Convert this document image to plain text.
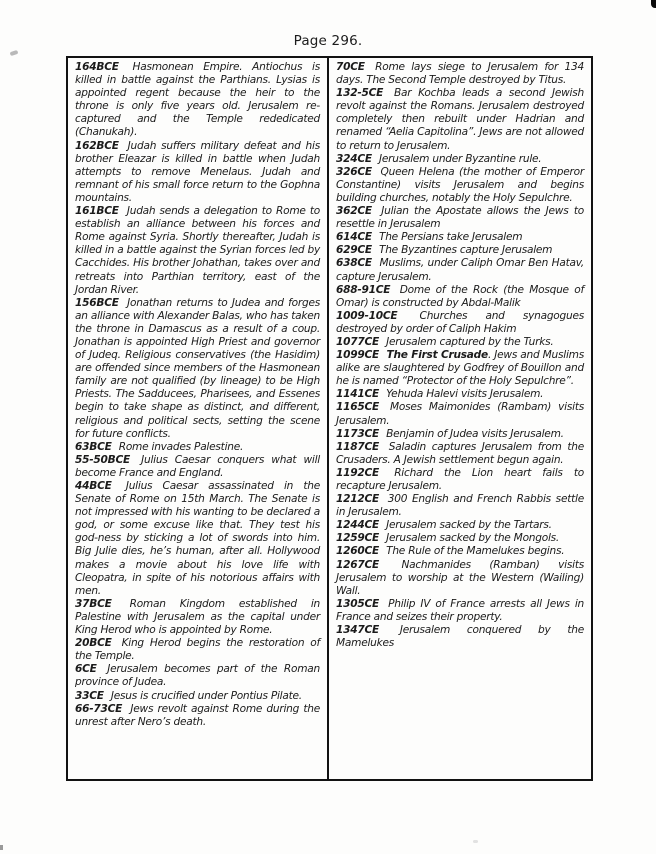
Page 296.

164BCE Hasmonean Empire. Antiochus is killed in battle against the Parthians. Lysias is appointed regent because the heir to the throne is only five years old. Jerusalem re-captured and the Temple rededicated (Chanukah).

162BCE Judah suffers military defeat and his brother Eleazar is killed in battle when Judah attempts to remove Menelaus. Judah and remnant of his small force return to the Gophna mountains.

161BCE Judah sends a delegation to Rome to establish an alliance between his forces and Rome against Syria. Shortly thereafter, Judah is killed in a battle against the Syrian forces led by Cacchides. His brother Johathan, takes over and retreats into Parthian territory, east of the Jordan River.

156BCE Jonathan returns to Judea and forges an alliance with Alexander Balas, who has taken the throne in Damascus as a result of a coup. Jonathan is appointed High Priest and governor of Judeq. Religious conservatives (the Hasidim) are offended since members of the Hasmonean family are not qualified (by lineage) to be High Priests. The Sadducees, Pharisees, and Essenes begin to take shape as distinct, and different, religious and political sects, setting the scene for future conflicts.

63BCE Rome invades Palestine.

55-50BCE Julius Caesar conquers what will become France and England.

44BCE Julius Caesar assassinated in the Senate of Rome on 15th March. The Senate is not impressed with his wanting to be declared a god, or some excuse like that. They test his god-ness by sticking a lot of swords into him. Big Julie dies, he’s human, after all. Hollywood makes a movie about his love life with Cleopatra, in spite of his notorious affairs with men.

37BCE Roman Kingdom established in Palestine with Jerusalem as the capital under King Herod who is appointed by Rome.

20BCE King Herod begins the restoration of the Temple.

6CE Jerusalem becomes part of the Roman province of Judea.

33CE Jesus is crucified under Pontius Pilate.

66-73CE Jews revolt against Rome during the unrest after Nero’s death.

70CE Rome lays siege to Jerusalem for 134 days. The Second Temple destroyed by Titus.

132-5CE Bar Kochba leads a second Jewish revolt against the Romans. Jerusalem destroyed completely then rebuilt under Hadrian and renamed “Aelia Capitolina”. Jews are not allowed to return to Jerusalem.

324CE Jerusalem under Byzantine rule.

326CE Queen Helena (the mother of Emperor Constantine) visits Jerusalem and begins building churches, notably the Holy Sepulchre.

362CE Julian the Apostate allows the Jews to resettle in Jerusalem

614CE The Persians take Jerusalem

629CE The Byzantines capture Jerusalem

638CE Muslims, under Caliph Omar Ben Hatav, capture Jerusalem.

688-91CE Dome of the Rock (the Mosque of Omar) is constructed by Abdal-Malik

1009-10CE Churches and synagogues destroyed by order of Caliph Hakim

1077CE Jerusalem captured by the Turks.

1099CE The First Crusade. Jews and Muslims alike are slaughtered by Godfrey of Bouillon and he is named “Protector of the Holy Sepulchre”.

1141CE Yehuda Halevi visits Jerusalem.

1165CE Moses Maimonides (Rambam) visits Jerusalem.

1173CE Benjamin of Judea visits Jerusalem.

1187CE Saladin captures Jerusalem from the Crusaders. A Jewish settlement begun again.

1192CE Richard the Lion heart fails to recapture Jerusalem.

1212CE 300 English and French Rabbis settle in Jerusalem.

1244CE Jerusalem sacked by the Tartars.

1259CE Jerusalem sacked by the Mongols.

1260CE The Rule of the Mamelukes begins.

1267CE Nachmanides (Ramban) visits Jerusalem to worship at the Western (Wailing) Wall.

1305CE Philip IV of France arrests all Jews in France and seizes their property.

1347CE Jerusalem conquered by the Mamelukes
